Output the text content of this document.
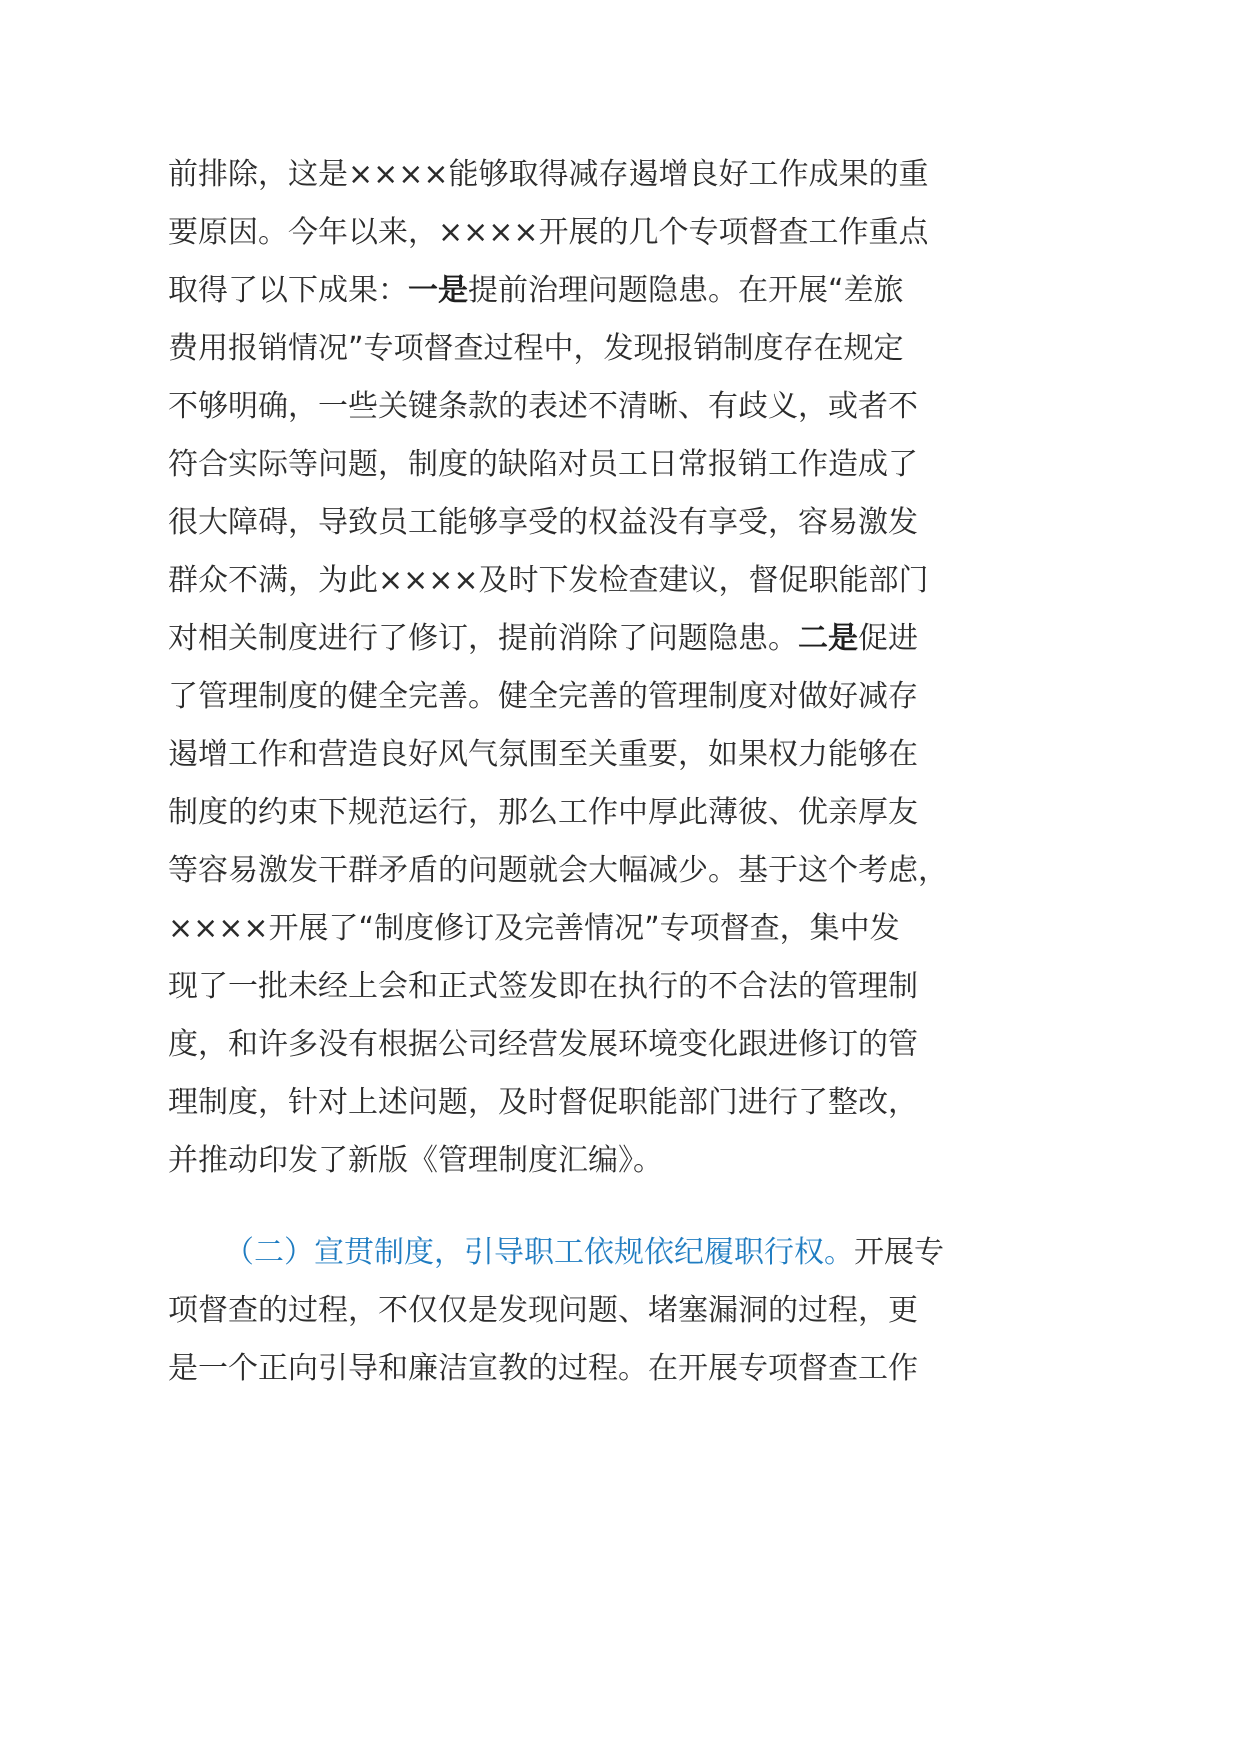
前排除，这是××××能够取得减存遏增良好工作成果的重
要原因。今年以来，××××开展的几个专项督查工作重点
取得了以下成果：一是提前治理问题隐患。在开展“差旅
费用报销情况”专项督查过程中，发现报销制度存在规定
不够明确，一些关键条款的表述不清晰、有歧义，或者不
符合实际等问题，制度的缺陷对员工日常报销工作造成了
很大障碍，导致员工能够享受的权益没有享受，容易激发
群众不满，为此××××及时下发检查建议，督促职能部门
对相关制度进行了修订，提前消除了问题隐患。二是促进
了管理制度的健全完善。健全完善的管理制度对做好减存
遏增工作和营造良好风气氛围至关重要，如果权力能够在
制度的约束下规范运行，那么工作中厚此薄彼、优亲厚友
等容易激发干群矛盾的问题就会大幅减少。基于这个考虑，
××××开展了“制度修订及完善情况”专项督查，集中发
现了一批未经上会和正式签发即在执行的不合法的管理制
度，和许多没有根据公司经营发展环境变化跟进修订的管
理制度，针对上述问题，及时督促职能部门进行了整改，
并推动印发了新版《管理制度汇编》。
（二）宣贯制度，引导职工依规依纪履职行权。开展专
项督查的过程，不仅仅是发现问题、堵塞漏洞的过程，更
是一个正向引导和廉洁宣教的过程。在开展专项督查工作
